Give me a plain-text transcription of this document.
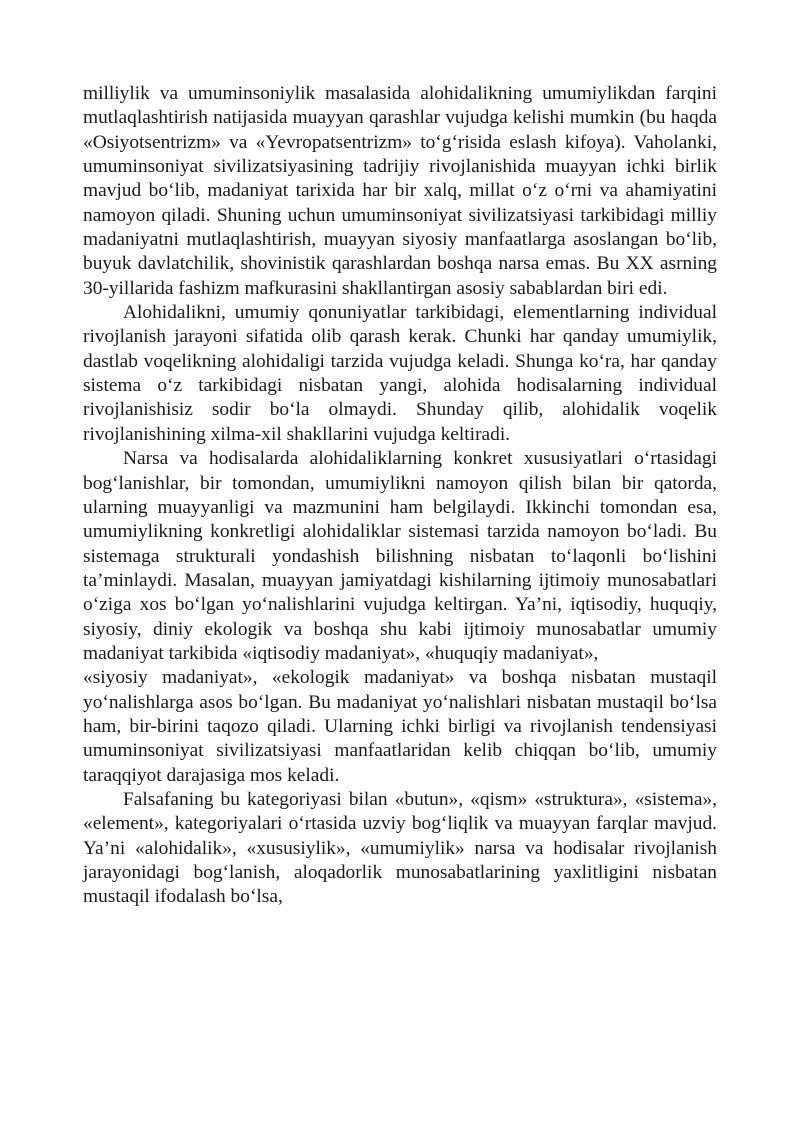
milliylik va umuminsoniylik masalasida alohidalikning umumiylikdan farqini mutlaqlashtirish natijasida muayyan qarashlar vujudga kelishi mumkin (bu haqda «Osiyotsentrizm» va «Yevropatsentrizm» to‘g‘risida eslash kifoya). Vaholanki, umuminsoniyat sivilizatsiyasining tadrijiy rivojlanishida muayyan ichki birlik mavjud bo‘lib, madaniyat tarixida har bir xalq, millat o‘z o‘rni va ahamiyatini namoyon qiladi. Shuning uchun umuminsoniyat sivilizatsiyasi tarkibidagi milliy madaniyatni mutlaqlashtirish, muayyan siyosiy manfaatlarga asoslangan bo‘lib, buyuk davlatchilik, shovinistik qarashlardan boshqa narsa emas. Bu XX asrning 30-yillarida fashizm mafkurasini shakllantirgan asosiy sabablardan biri edi.

Alohidalikni, umumiy qonuniyatlar tarkibidagi, elementlarning individual rivojlanish jarayoni sifatida olib qarash kerak. Chunki har qanday umumiylik, dastlab voqelikning alohidaligi tarzida vujudga keladi. Shunga ko‘ra, har qanday sistema o‘z tarkibidagi nisbatan yangi, alohida hodisalarning individual rivojlanishisiz sodir bo‘la olmaydi. Shunday qilib, alohidalik voqelik rivojlanishining xilma-xil shakllarini vujudga keltiradi.

Narsa va hodisalarda alohidaliklarning konkret xususiyatlari o‘rtasidagi bog‘lanishlar, bir tomondan, umumiylikni namoyon qilish bilan bir qatorda, ularning muayyanligi va mazmunini ham belgilaydi. Ikkinchi tomondan esa, umumiylikning konkretligi alohidaliklar sistemasi tarzida namoyon bo‘ladi. Bu sistemaga strukturali yondashish bilishning nisbatan to‘laqonli bo‘lishini ta’minlaydi. Masalan, muayyan jamiyatdagi kishilarning ijtimoiy munosabatlari o‘ziga xos bo‘lgan yo‘nalishlarini vujudga keltirgan. Ya’ni, iqtisodiy, huquqiy, siyosiy, diniy ekologik va boshqa shu kabi ijtimoiy munosabatlar umumiy madaniyat tarkibida «iqtisodiy madaniyat», «huquqiy madaniyat»,

«siyosiy madaniyat», «ekologik madaniyat» va boshqa nisbatan mustaqil yo‘nalishlarga asos bo‘lgan. Bu madaniyat yo‘nalishlari nisbatan mustaqil bo‘lsa ham, bir-birini taqozo qiladi. Ularning ichki birligi va rivojlanish tendensiyasi umuminsoniyat sivilizatsiyasi manfaatlaridan kelib chiqqan bo‘lib, umumiy taraqqiyot darajasiga mos keladi.

Falsafaning bu kategoriyasi bilan «butun», «qism» «struktura», «sistema», «element», kategoriyalari o‘rtasida uzviy bog‘liqlik va muayyan farqlar mavjud. Ya’ni «alohidalik», «xususiylik», «umumiylik» narsa va hodisalar rivojlanish jarayonidagi bog‘lanish, aloqadorlik munosabatlarining yaxlitligini nisbatan mustaqil ifodalash bo‘lsa,
